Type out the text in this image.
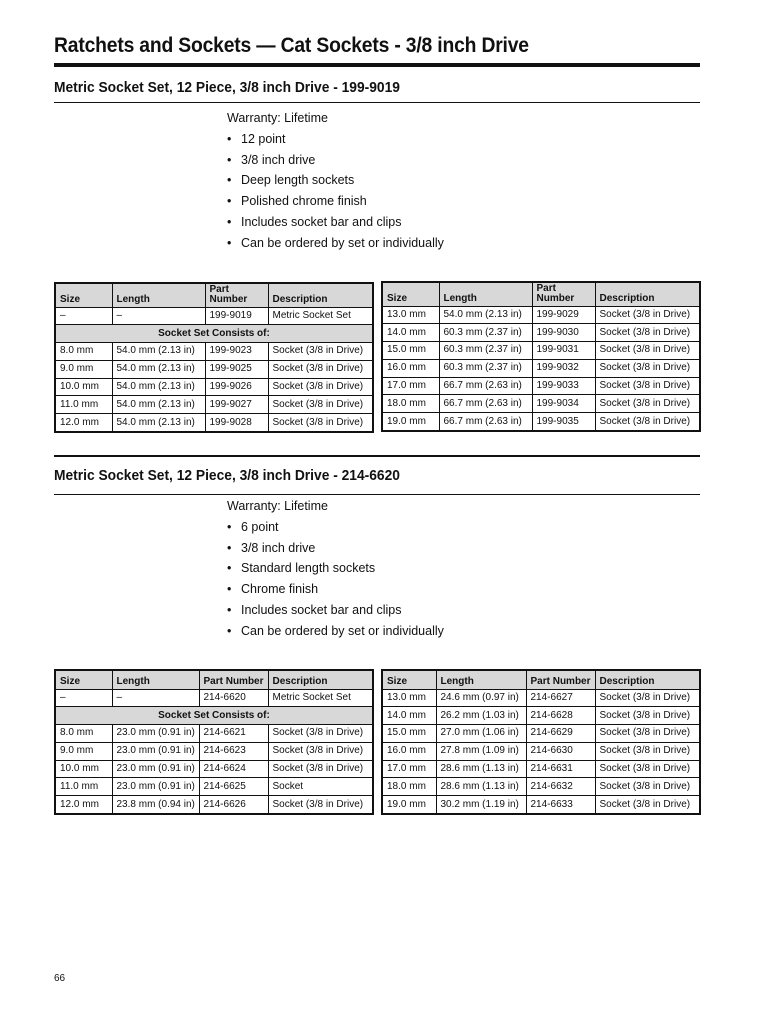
Ratchets and Sockets — Cat Sockets - 3/8 inch Drive
Metric Socket Set, 12 Piece, 3/8 inch Drive - 199-9019

Warranty: Lifetime

• 12 point
• 3/8 inch drive
• Deep length sockets
• Polished chrome finish
• Includes socket bar and clips
• Can be ordered by set or individually
Size	Length	Part Number	Description
–	–	199-9019	Metric Socket Set
Socket Set Consists of:			
8.0 mm	54.0 mm (2.13 in)	199-9023	Socket (3/8 in Drive)
9.0 mm	54.0 mm (2.13 in)	199-9025	Socket (3/8 in Drive)
10.0 mm	54.0 mm (2.13 in)	199-9026	Socket (3/8 in Drive)
11.0 mm	54.0 mm (2.13 in)	199-9027	Socket (3/8 in Drive)
12.0 mm	54.0 mm (2.13 in)	199-9028	Socket (3/8 in Drive)
Size	Length	Part Number	Description
13.0 mm	54.0 mm (2.13 in)	199-9029	Socket (3/8 in Drive)
14.0 mm	60.3 mm (2.37 in)	199-9030	Socket (3/8 in Drive)
15.0 mm	60.3 mm (2.37 in)	199-9031	Socket (3/8 in Drive)
16.0 mm	60.3 mm (2.37 in)	199-9032	Socket (3/8 in Drive)
17.0 mm	66.7 mm (2.63 in)	199-9033	Socket (3/8 in Drive)
18.0 mm	66.7 mm (2.63 in)	199-9034	Socket (3/8 in Drive)
19.0 mm	66.7 mm (2.63 in)	199-9035	Socket (3/8 in Drive)
Metric Socket Set, 12 Piece, 3/8 inch Drive - 214-6620

Warranty: Lifetime

• 6 point
• 3/8 inch drive
• Standard length sockets
• Chrome finish
• Includes socket bar and clips
• Can be ordered by set or individually
Size	Length	Part Number	Description
–	–	214-6620	Metric Socket Set
Socket Set Consists of:			
8.0 mm	23.0 mm (0.91 in)	214-6621	Socket (3/8 in Drive)
9.0 mm	23.0 mm (0.91 in)	214-6623	Socket (3/8 in Drive)
10.0 mm	23.0 mm (0.91 in)	214-6624	Socket (3/8 in Drive)
11.0 mm	23.0 mm (0.91 in)	214-6625	Socket
12.0 mm	23.8 mm (0.94 in)	214-6626	Socket (3/8 in Drive)
Size	Length	Part Number	Description
13.0 mm	24.6 mm (0.97 in)	214-6627	Socket (3/8 in Drive)
14.0 mm	26.2 mm (1.03 in)	214-6628	Socket (3/8 in Drive)
15.0 mm	27.0 mm (1.06 in)	214-6629	Socket (3/8 in Drive)
16.0 mm	27.8 mm (1.09 in)	214-6630	Socket (3/8 in Drive)
17.0 mm	28.6 mm (1.13 in)	214-6631	Socket (3/8 in Drive)
18.0 mm	28.6 mm (1.13 in)	214-6632	Socket (3/8 in Drive)
19.0 mm	30.2 mm (1.19 in)	214-6633	Socket (3/8 in Drive)
66
